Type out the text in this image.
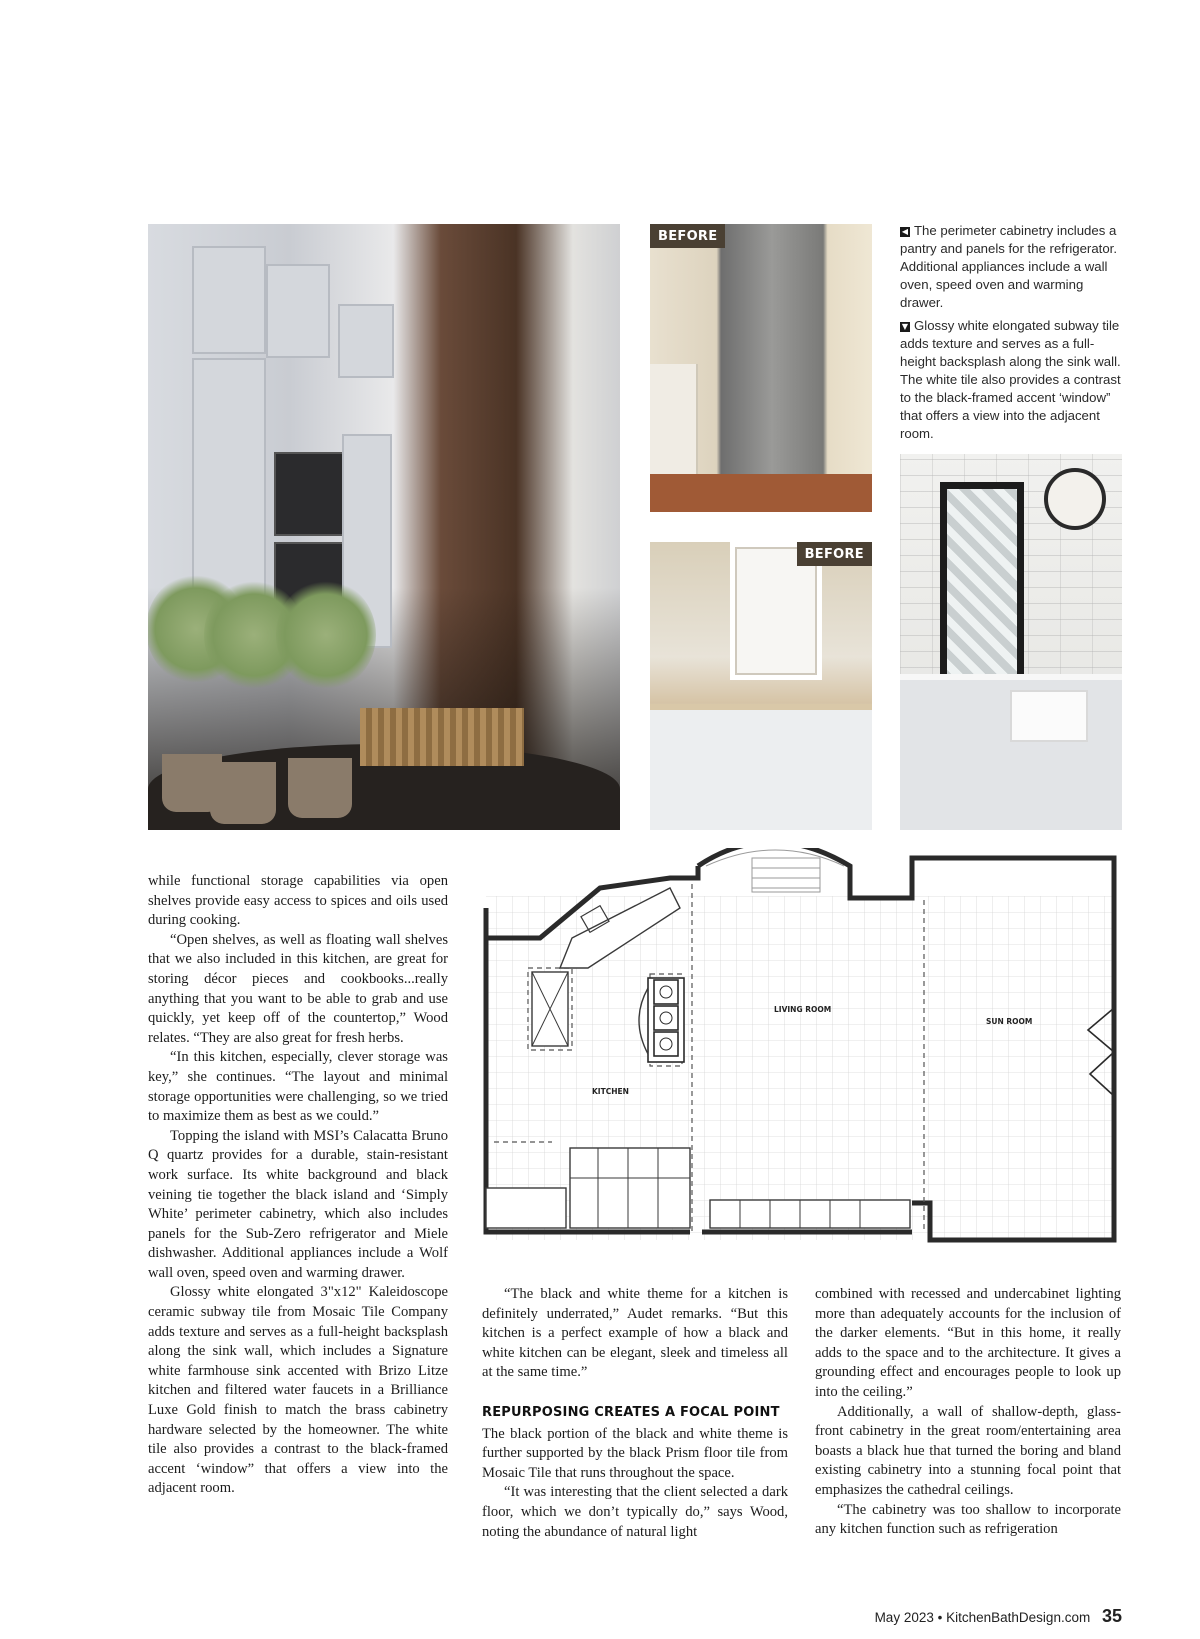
BEFORE
BEFORE

◀ The perimeter cabinetry includes a pantry and panels for the refrigerator. Additional appliances include a wall oven, speed oven and warming drawer.

▼ Glossy white elongated subway tile adds texture and serves as a full-height backsplash along the sink wall. The white tile also provides a contrast to the black-framed accent ‘window” that offers a view into the adjacent room.

LIVING ROOM
SUN ROOM
KITCHEN

while functional storage capabilities via open shelves provide easy access to spices and oils used during cooking.

“Open shelves, as well as floating wall shelves that we also included in this kitchen, are great for storing décor pieces and cookbooks...really anything that you want to be able to grab and use quickly, yet keep off of the countertop,” Wood relates. “They are also great for fresh herbs.

“In this kitchen, especially, clever storage was key,” she continues. “The layout and minimal storage opportunities were challenging, so we tried to maximize them as best as we could.”

Topping the island with MSI’s Calacatta Bruno Q quartz provides for a durable, stain-resistant work surface. Its white background and black veining tie together the black island and ‘Simply White’ perimeter cabinetry, which also includes panels for the Sub-Zero refrigerator and Miele dishwasher. Additional appliances include a Wolf wall oven, speed oven and warming drawer.

Glossy white elongated 3"x12" Kaleidoscope ceramic subway tile from Mosaic Tile Company adds texture and serves as a full-height backsplash along the sink wall, which includes a Signature white farmhouse sink accented with Brizo Litze kitchen and filtered water faucets in a Brilliance Luxe Gold finish to match the brass cabinetry hardware selected by the homeowner. The white tile also provides a contrast to the black-framed accent ‘window” that offers a view into the adjacent room.

“The black and white theme for a kitchen is definitely underrated,” Audet remarks. “But this kitchen is a perfect example of how a black and white kitchen can be elegant, sleek and timeless all at the same time.”

REPURPOSING CREATES A FOCAL POINT

The black portion of the black and white theme is further supported by the black Prism floor tile from Mosaic Tile that runs throughout the space.

“It was interesting that the client selected a dark floor, which we don’t typically do,” says Wood, noting the abundance of natural light

combined with recessed and undercabinet lighting more than adequately accounts for the inclusion of the darker elements. “But in this home, it really adds to the space and to the architecture. It gives a grounding effect and encourages people to look up into the ceiling.”

Additionally, a wall of shallow-depth, glass-front cabinetry in the great room/entertaining area boasts a black hue that turned the boring and bland existing cabinetry into a stunning focal point that emphasizes the cathedral ceilings.

“The cabinetry was too shallow to incorporate any kitchen function such as refrigeration

May 2023 • KitchenBathDesign.com 35
